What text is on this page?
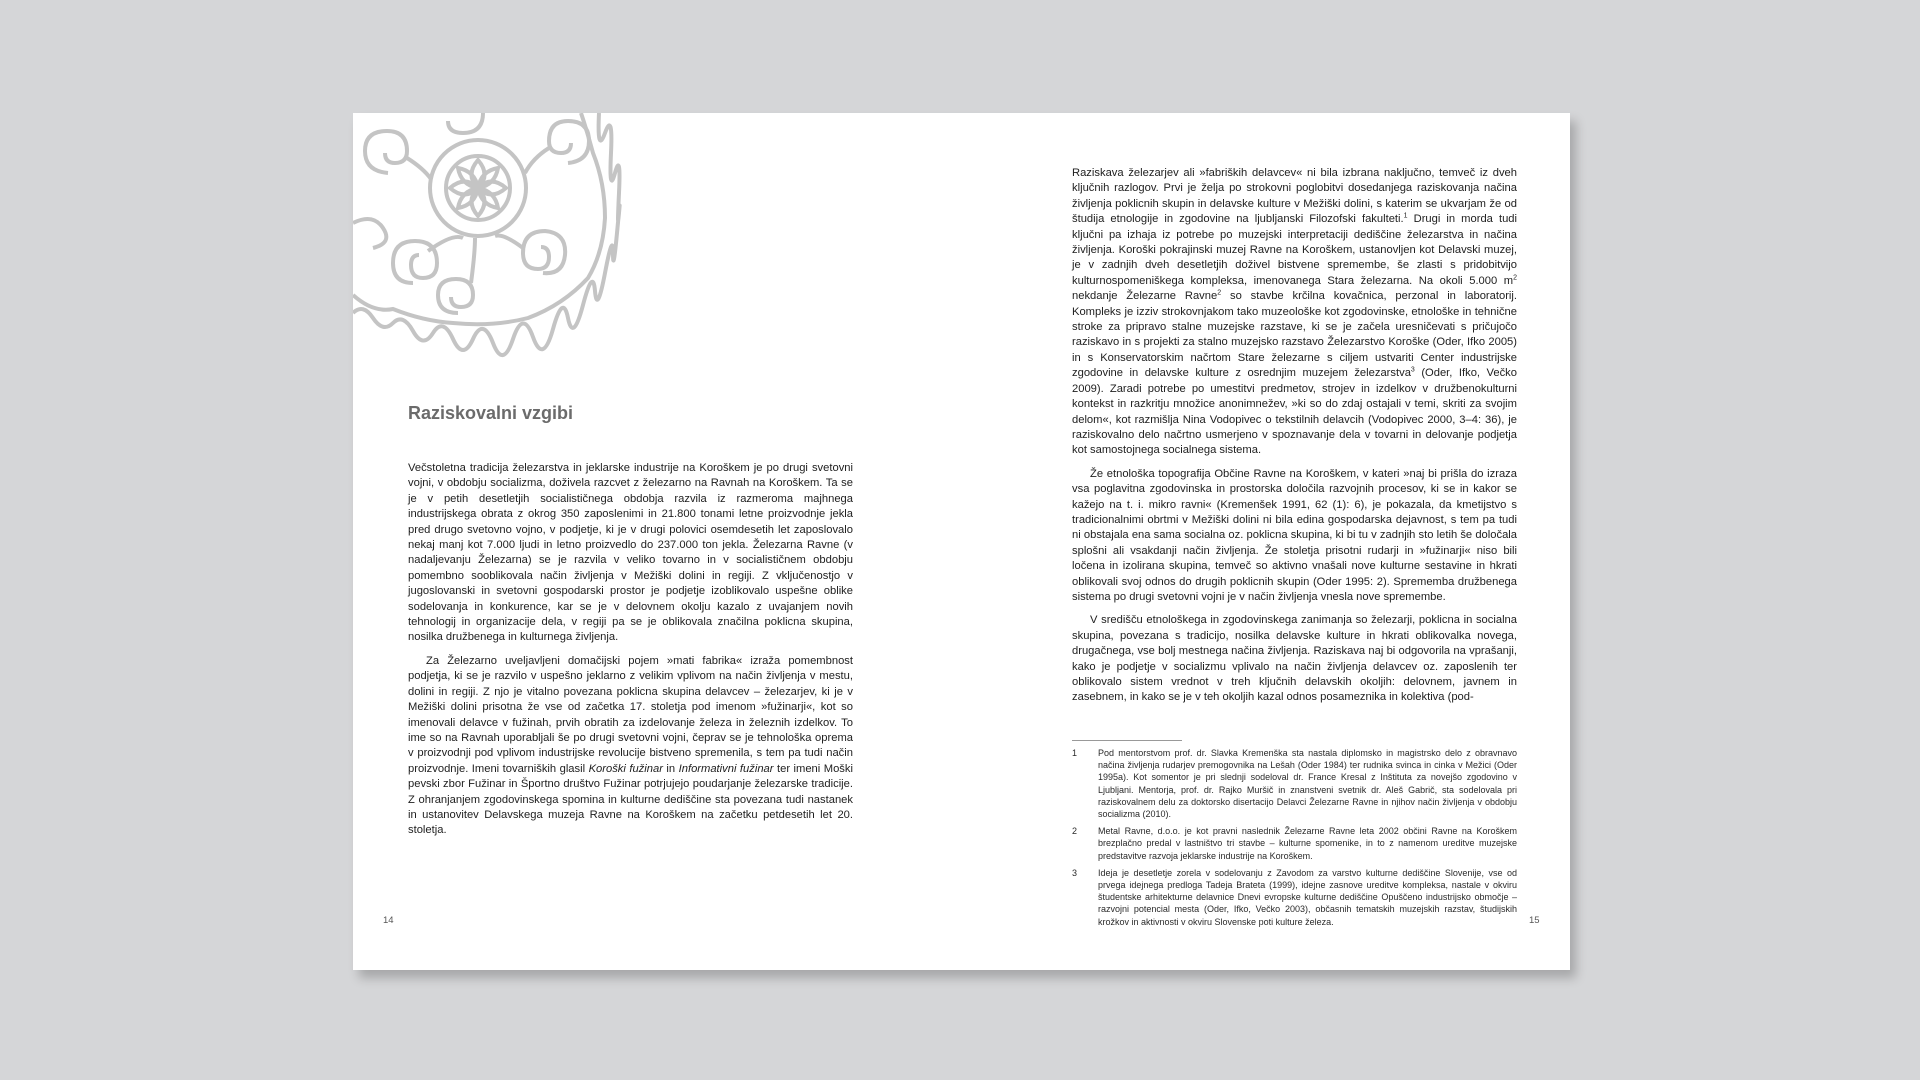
Raziskovalni vzgibi

Večstoletna tradicija železarstva in jeklarske industrije na Koroškem je po drugi svetovni vojni, v obdobju socializma, doživela razcvet z železarno na Ravnah na Koroškem. Ta se je v petih desetletjih socialističnega obdobja razvila iz razmeroma majhnega industrijskega obrata z okrog 350 zaposlenimi in 21.800 tonami letne proizvodnje jekla pred drugo svetovno vojno, v podjetje, ki je v drugi polovici osemdesetih let zaposlovalo nekaj manj kot 7.000 ljudi in letno proizvedlo do 237.000 ton jekla. Železarna Ravne (v nadaljevanju Železarna) se je razvila v veliko tovarno in v socialističnem obdobju pomembno sooblikovala način življenja v Mežiški dolini in regiji. Z vključenostjo v jugoslovanski in svetovni gospodarski prostor je podjetje izoblikovalo uspešne oblike sodelovanja in konkurence, kar se je v delovnem okolju kazalo z uvajanjem novih tehnologij in organizacije dela, v regiji pa se je oblikovala značilna poklicna skupina, nosilka družbenega in kulturnega življenja.

Za Železarno uveljavljeni domačijski pojem »mati fabrika« izraža pomembnost podjetja, ki se je razvilo v uspešno jeklarno z velikim vplivom na način življenja v mestu, dolini in regiji. Z njo je vitalno povezana poklicna skupina delavcev – železarjev, ki je v Mežiški dolini prisotna že vse od začetka 17. stoletja pod imenom »fužinarji«, kot so imenovali delavce v fužinah, prvih obratih za izdelovanje železa in železnih izdelkov. To ime so na Ravnah uporabljali še po drugi svetovni vojni, čeprav se je tehnološka oprema v proizvodnji pod vplivom industrijske revolucije bistveno spremenila, s tem pa tudi način proizvodnje. Imeni tovarniških glasil Koroški fužinar in Informativni fužinar ter imeni Moški pevski zbor Fužinar in Športno društvo Fužinar potrjujejo poudarjanje železarske tradicije. Z ohranjanjem zgodovinskega spomina in kulturne dediščine sta povezana tudi nastanek in ustanovitev Delavskega muzeja Ravne na Koroškem na začetku petdesetih let 20. stoletja.

14

Raziskava železarjev ali »fabriških delavcev« ni bila izbrana naključno, temveč iz dveh ključnih razlogov. Prvi je želja po strokovni poglobitvi dosedanjega raziskovanja načina življenja poklicnih skupin in delavske kulture v Mežiški dolini, s katerim se ukvarjam že od študija etnologije in zgodovine na ljubljanski Filozofski fakulteti.$^1$ Drugi in morda tudi ključni pa izhaja iz potrebe po muzejski interpretaciji dediščine železarstva in načina življenja. Koroški pokrajinski muzej Ravne na Koroškem, ustanovljen kot Delavski muzej, je v zadnjih dveh desetletjih doživel bistvene spremembe, še zlasti s pridobitvijo kulturnospomeniškega kompleksa, imenovanega Stara železarna. Na okoli 5.000 $m^2$ nekdanje Železarne Ravne$^2$ so stavbe krčilna kovačnica, perzonal in laboratorij. Kompleks je izziv strokovnjakom tako muzeološke kot zgodovinske, etnološke in tehnične stroke za pripravo stalne muzejske razstave, ki se je začela uresničevati s pričujočo raziskavo in s projekti za stalno muzejsko razstavo Železarstvo Koroške (Oder, Ifko 2005) in s Konservatorskim načrtom Stare železarne s ciljem ustvariti Center industrijske zgodovine in delavske kulture z osrednjim muzejem železarstva$^3$ (Oder, Ifko, Večko 2009). Zaradi potrebe po umestitvi predmetov, strojev in izdelkov v družbenokulturni kontekst in razkritju množice anonimnežev, »ki so do zdaj ostajali v temi, skriti za svojim delom«, kot razmišlja Nina Vodopivec o tekstilnih delavcih (Vodopivec 2000, 3–4: 36), je raziskovalno delo načrtno usmerjeno v spoznavanje dela v tovarni in delovanje podjetja kot samostojnega socialnega sistema.

Že etnološka topografija Občine Ravne na Koroškem, v kateri »naj bi prišla do izraza vsa poglavitna zgodovinska in prostorska določila razvojnih procesov, ki se in kakor se kažejo na t. i. mikro ravni« (Kremenšek 1991, 62 (1): 6), je pokazala, da kmetijstvo s tradicionalnimi obrtmi v Mežiški dolini ni bila edina gospodarska dejavnost, s tem pa tudi ni obstajala ena sama socialna oz. poklicna skupina, ki bi tu v zadnjih sto letih še določala splošni ali vsakdanji način življenja. Že stoletja prisotni rudarji in »fužinarji« niso bili ločena in izolirana skupina, temveč so aktivno vnašali nove kulturne sestavine in hkrati oblikovali svoj odnos do drugih poklicnih skupin (Oder 1995: 2). Sprememba družbenega sistema po drugi svetovni vojni je v način življenja vnesla nove spremembe.

V središču etnološkega in zgodovinskega zanimanja so železarji, poklicna in socialna skupina, povezana s tradicijo, nosilka delavske kulture in hkrati oblikovalka novega, drugačnega, vse bolj mestnega načina življenja. Raziskava naj bi odgovorila na vprašanji, kako je podjetje v socializmu vplivalo na način življenja delavcev oz. zaposlenih ter oblikovalo sistem vrednot v treh ključnih delavskih okoljih: delovnem, javnem in zasebnem, in kako se je v teh okoljih kazal odnos posameznika in kolektiva (pod-

1	Pod mentorstvom prof. dr. Slavka Kremenška sta nastala diplomsko in magistrsko delo z obravnavo načina življenja rudarjev premogovnika na Lešah (Oder 1984) ter rudnika svinca in cinka v Mežici (Oder 1995a). Kot somentor je pri slednji sodeloval dr. France Kresal z Inštituta za novejšo zgodovino v Ljubljani. Mentorja, prof. dr. Rajko Muršič in znanstveni svetnik dr. Aleš Gabrič, sta sodelovala pri raziskovalnem delu za doktorsko disertacijo Delavci Železarne Ravne in njihov način življenja v obdobju socializma (2010).
2	Metal Ravne, d.o.o. je kot pravni naslednik Železarne Ravne leta 2002 občini Ravne na Koroškem brezplačno predal v lastništvo tri stavbe – kulturne spomenike, in to z namenom ureditve muzejske predstavitve razvoja jeklarske industrije na Koroškem.
3	Ideja je desetletje zorela v sodelovanju z Zavodom za varstvo kulturne dediščine Slovenije, vse od prvega idejnega predloga Tadeja Brateta (1999), idejne zasnove ureditve kompleksa, nastale v okviru študentske arhitekturne delavnice Dnevi evropske kulturne dediščine Opuščeno industrijsko območje – razvojni potencial mesta (Oder, Ifko, Večko 2003), občasnih tematskih muzejskih razstav, študijskih krožkov in aktivnosti v okviru Slovenske poti kulture železa.	15
